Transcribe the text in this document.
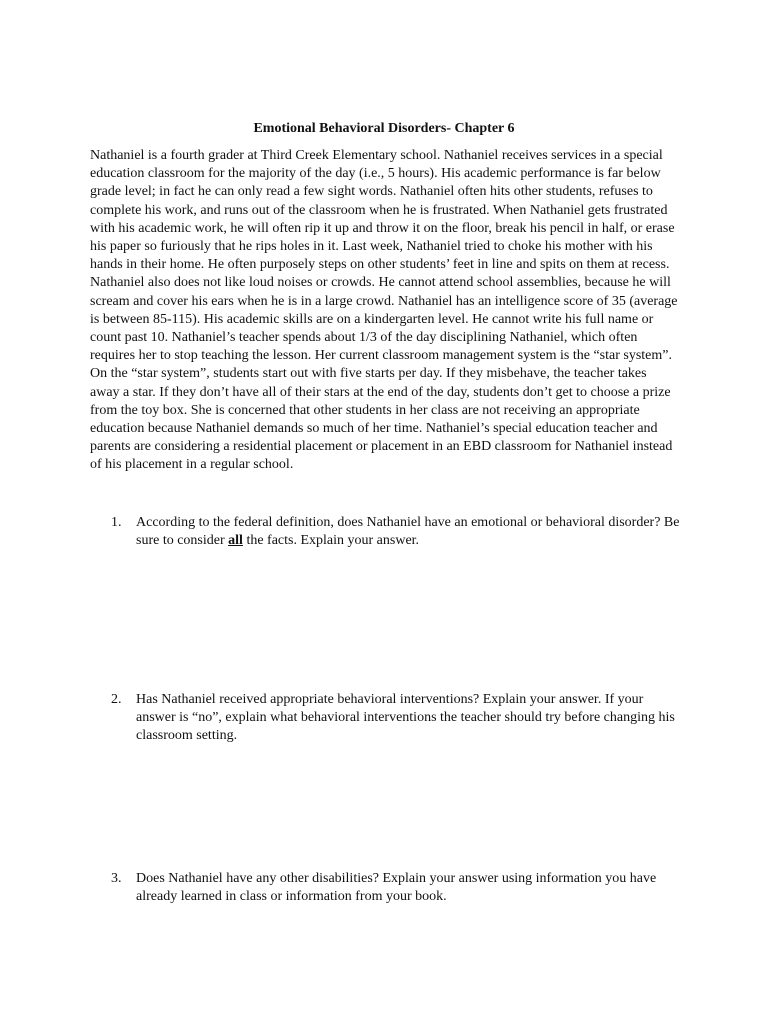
Emotional Behavioral Disorders- Chapter 6

Nathaniel is a fourth grader at Third Creek Elementary school. Nathaniel receives services in a special education classroom for the majority of the day (i.e., 5 hours). His academic performance is far below grade level; in fact he can only read a few sight words. Nathaniel often hits other students, refuses to complete his work, and runs out of the classroom when he is frustrated. When Nathaniel gets frustrated with his academic work, he will often rip it up and throw it on the floor, break his pencil in half, or erase his paper so furiously that he rips holes in it. Last week, Nathaniel tried to choke his mother with his hands in their home. He often purposely steps on other students’ feet in line and spits on them at recess. Nathaniel also does not like loud noises or crowds. He cannot attend school assemblies, because he will scream and cover his ears when he is in a large crowd. Nathaniel has an intelligence score of 35 (average is between 85-115). His academic skills are on a kindergarten level. He cannot write his full name or count past 10. Nathaniel’s teacher spends about 1/3 of the day disciplining Nathaniel, which often requires her to stop teaching the lesson. Her current classroom management system is the “star system”. On the “star system”, students start out with five starts per day. If they misbehave, the teacher takes away a star. If they don’t have all of their stars at the end of the day, students don’t get to choose a prize from the toy box. She is concerned that other students in her class are not receiving an appropriate education because Nathaniel demands so much of her time. Nathaniel’s special education teacher and parents are considering a residential placement or placement in an EBD classroom for Nathaniel instead of his placement in a regular school.

1.	According to the federal definition, does Nathaniel have an emotional or behavioral disorder? Be sure to consider all the facts. Explain your answer.
2.	Has Nathaniel received appropriate behavioral interventions? Explain your answer. If your answer is “no”, explain what behavioral interventions the teacher should try before changing his classroom setting.
3.	Does Nathaniel have any other disabilities? Explain your answer using information you have already learned in class or information from your book.
